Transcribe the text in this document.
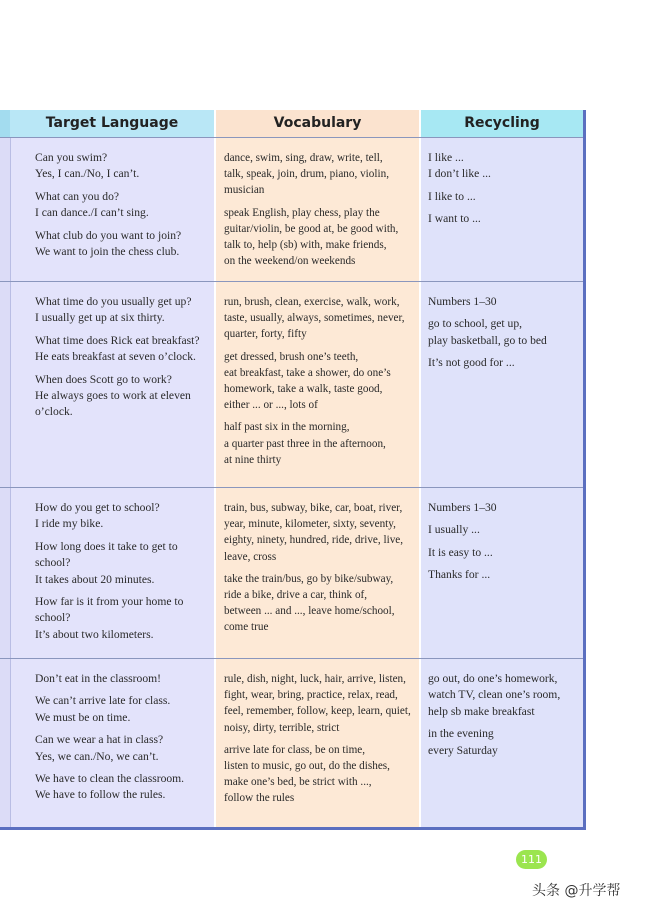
Target Language	Vocabulary	Recycling
Can you swim?
Yes, I can./No, I can’t.
What can you do?
I can dance./I can’t sing.
What club do you want to join?
We want to join the chess club.
dance, swim, sing, draw, write, tell,
talk, speak, join, drum, piano, violin,
musician
speak English, play chess, play the
guitar/violin, be good at, be good with,
talk to, help (sb) with, make friends,
on the weekend/on weekends
I like ...
I don’t like ...
I like to ...
I want to ...
What time do you usually get up?
I usually get up at six thirty.
What time does Rick eat breakfast?
He eats breakfast at seven o’clock.
When does Scott go to work?
He always goes to work at eleven
o’clock.
run, brush, clean, exercise, walk, work,
taste, usually, always, sometimes, never,
quarter, forty, fifty
get dressed, brush one’s teeth,
eat breakfast, take a shower, do one’s
homework, take a walk, taste good,
either ... or ..., lots of
half past six in the morning,
a quarter past three in the afternoon,
at nine thirty
Numbers 1–30
go to school, get up,
play basketball, go to bed
It’s not good for ...
How do you get to school?
I ride my bike.
How long does it take to get to
school?
It takes about 20 minutes.
How far is it from your home to
school?
It’s about two kilometers.
train, bus, subway, bike, car, boat, river,
year, minute, kilometer, sixty, seventy,
eighty, ninety, hundred, ride, drive, live,
leave, cross
take the train/bus, go by bike/subway,
ride a bike, drive a car, think of,
between ... and ..., leave home/school,
come true
Numbers 1–30
I usually ...
It is easy to ...
Thanks for ...
Don’t eat in the classroom!
We can’t arrive late for class.
We must be on time.
Can we wear a hat in class?
Yes, we can./No, we can’t.
We have to clean the classroom.
We have to follow the rules.
rule, dish, night, luck, hair, arrive, listen,
fight, wear, bring, practice, relax, read,
feel, remember, follow, keep, learn, quiet,
noisy, dirty, terrible, strict
arrive late for class, be on time,
listen to music, go out, do the dishes,
make one’s bed, be strict with ...,
follow the rules
go out, do one’s homework,
watch TV, clean one’s room,
help sb make breakfast
in the evening
every Saturday
111
头条 @升学帮
